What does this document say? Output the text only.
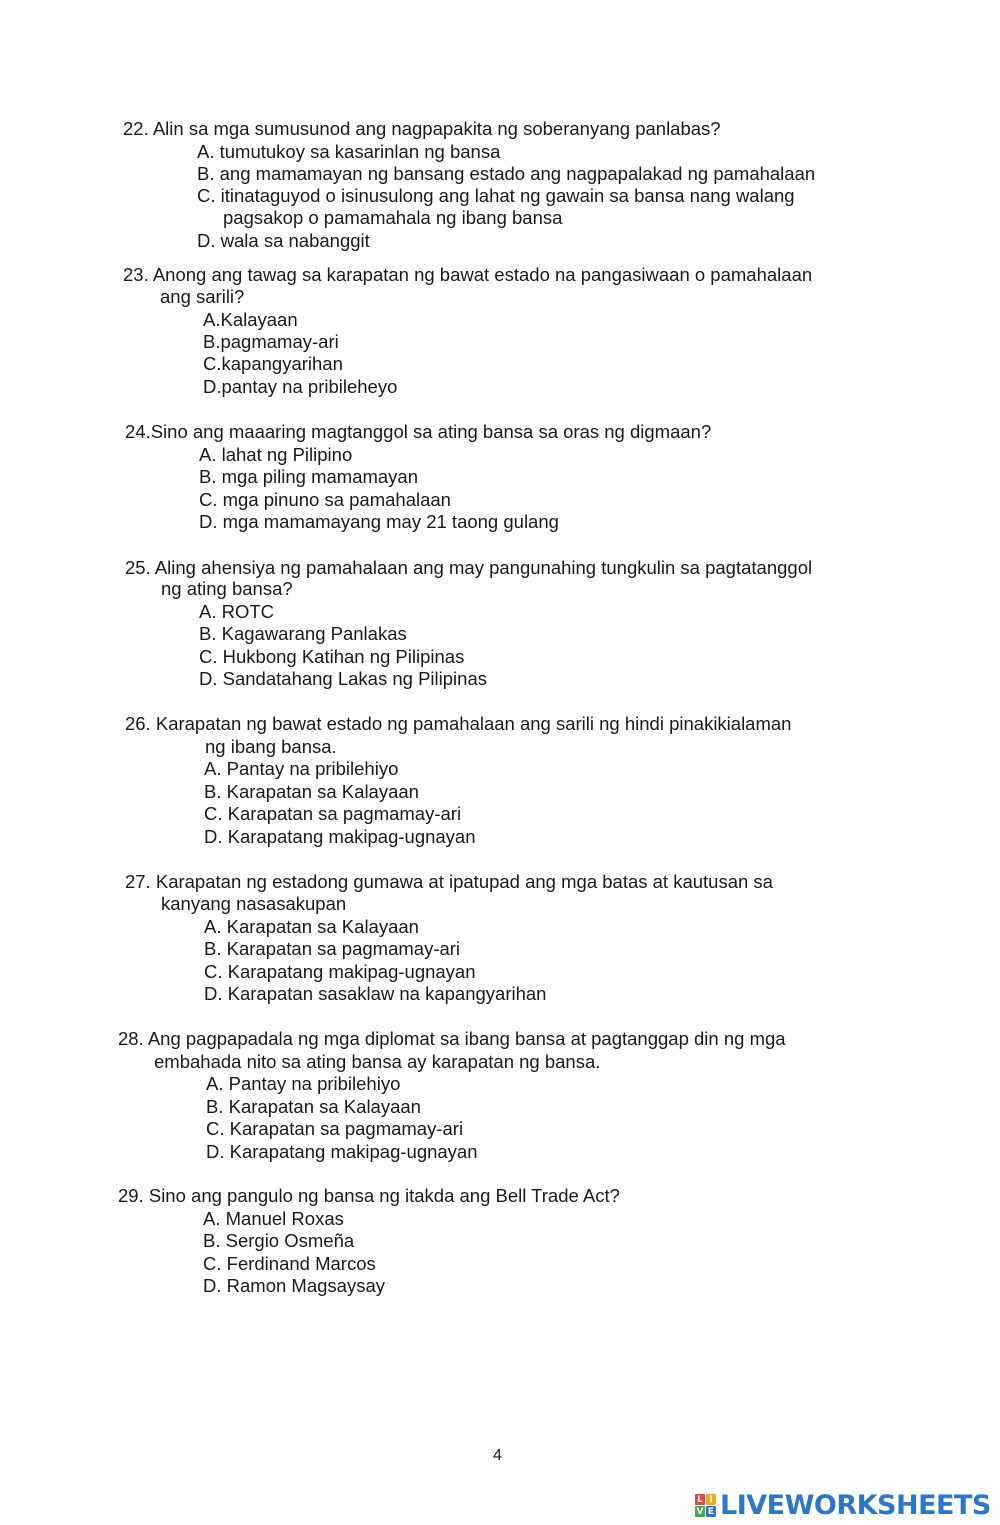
22. Alin sa mga sumusunod ang nagpapakita ng soberanyang panlabas?
A. tumutukoy sa kasarinlan ng bansa
B. ang mamamayan ng bansang estado ang nagpapalakad ng pamahalaan
C. itinataguyod o isinusulong ang lahat ng gawain sa bansa nang walang
pagsakop o pamamahala ng ibang bansa
D. wala sa nabanggit
23. Anong ang tawag sa karapatan ng bawat estado na pangasiwaan o pamahalaan
ang sarili?
A.Kalayaan
B.pagmamay-ari
C.kapangyarihan
D.pantay na pribileheyo
24.Sino ang maaaring magtanggol sa ating bansa sa oras ng digmaan?
A. lahat ng Pilipino
B. mga piling mamamayan
C. mga pinuno sa pamahalaan
D. mga mamamayang may 21 taong gulang
25. Aling ahensiya ng pamahalaan ang may pangunahing tungkulin sa pagtatanggol
ng ating bansa?
A. ROTC
B. Kagawarang Panlakas
C. Hukbong Katihan ng Pilipinas
D. Sandatahang Lakas ng Pilipinas
26. Karapatan ng bawat estado ng pamahalaan ang sarili ng hindi pinakikialaman
ng ibang bansa.
A. Pantay na pribilehiyo
B. Karapatan sa Kalayaan
C. Karapatan sa pagmamay-ari
D. Karapatang makipag-ugnayan
27. Karapatan ng estadong gumawa at ipatupad ang mga batas at kautusan sa
kanyang nasasakupan
A. Karapatan sa Kalayaan
B. Karapatan sa pagmamay-ari
C. Karapatang makipag-ugnayan
D. Karapatan sasaklaw na kapangyarihan
28. Ang pagpapadala ng mga diplomat sa ibang bansa at pagtanggap din ng mga
embahada nito sa ating bansa ay karapatan ng bansa.
A. Pantay na pribilehiyo
B. Karapatan sa Kalayaan
C. Karapatan sa pagmamay-ari
D. Karapatang makipag-ugnayan
29. Sino ang pangulo ng bansa ng itakda ang Bell Trade Act?
A. Manuel Roxas
B. Sergio Osmeña
C. Ferdinand Marcos
D. Ramon Magsaysay
4
L I
V E LIVEWORKSHEETS
